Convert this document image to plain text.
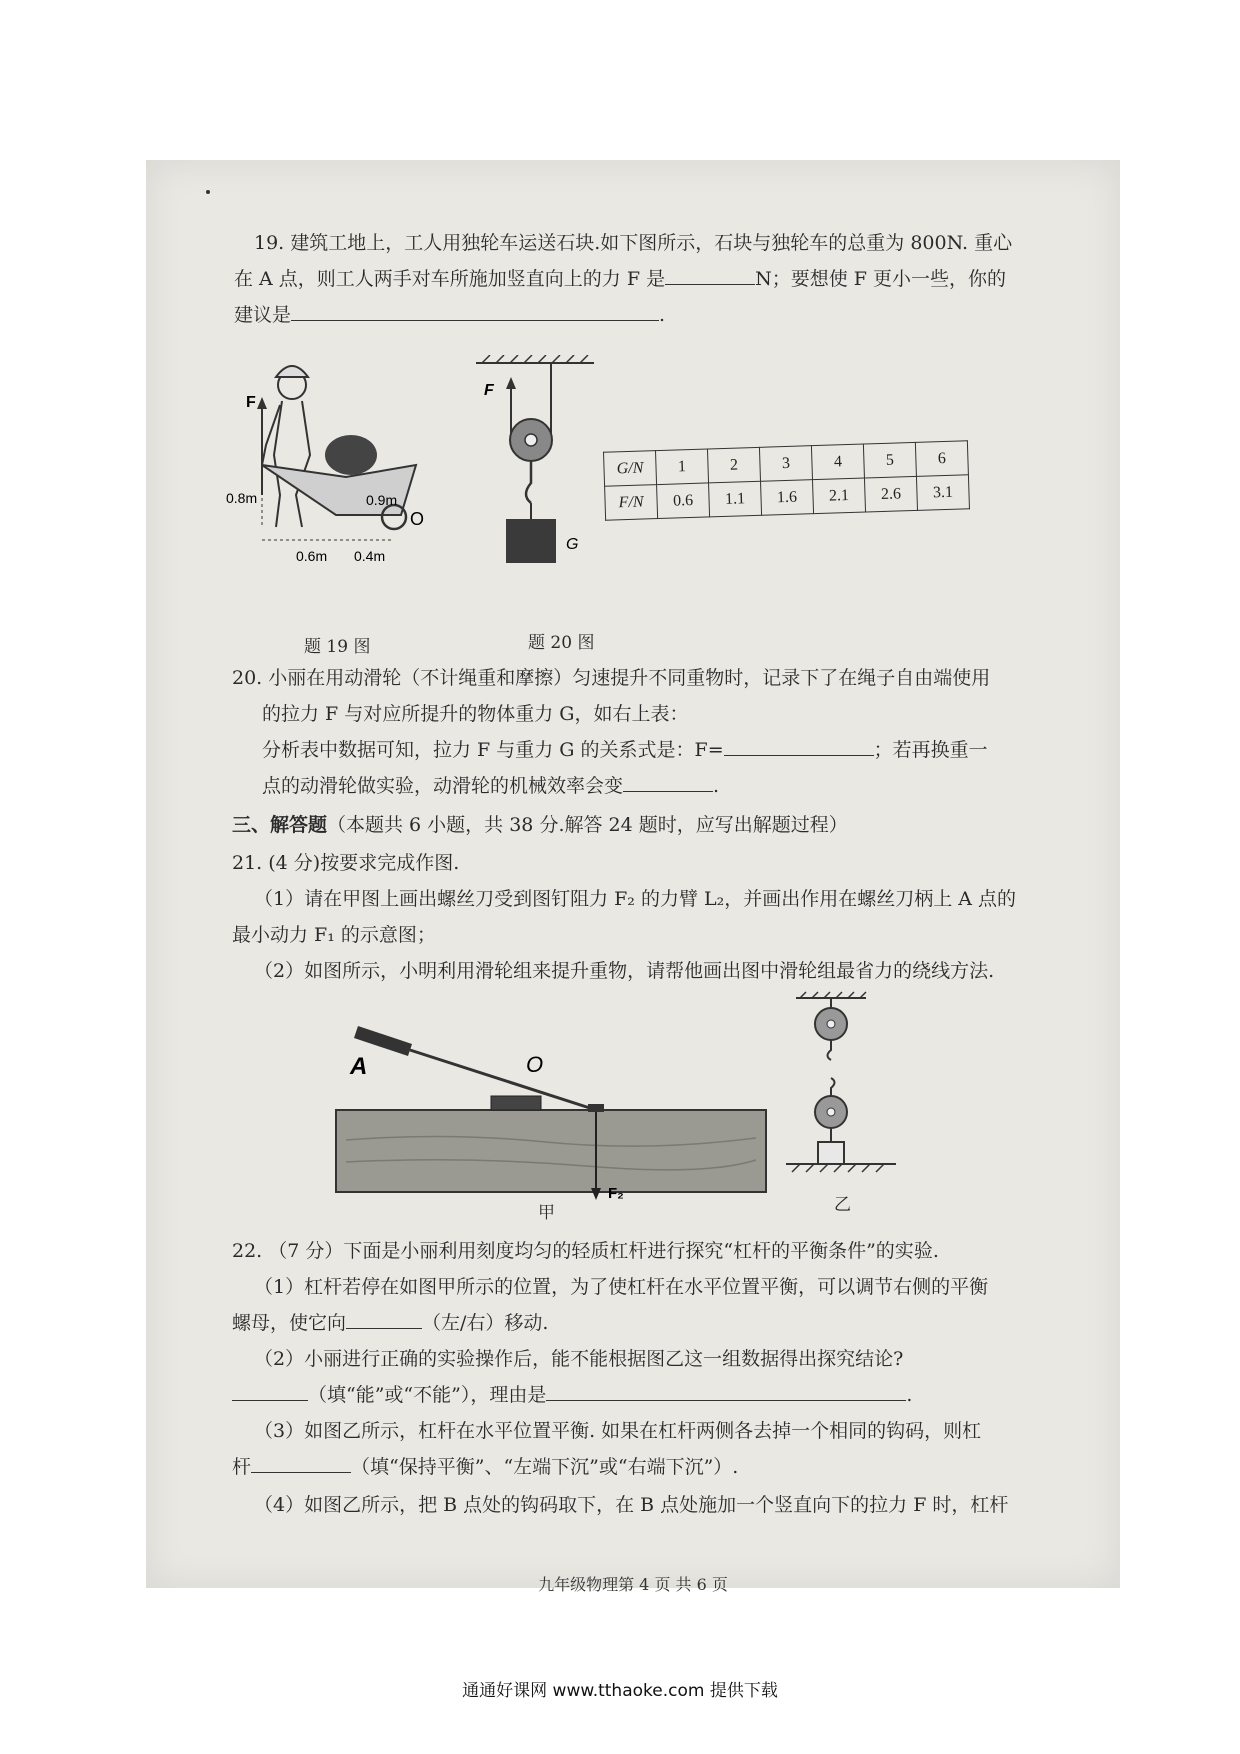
19. 建筑工地上，工人用独轮车运送石块.如下图所示，石块与独轮车的总重为 800N. 重心
在 A 点，则工人两手对车所施加竖直向上的力 F 是	N；要想使 F 更小一些，你的
建议是	.
F
O
0.8m	0.9m
0.6m 0.4m
题 19 图
F
G
题 20 图
G/N	1	2	3	4	5	6
F/N	0.6	1.1	1.6	2.1	2.6	3.1
20. 小丽在用动滑轮（不计绳重和摩擦）匀速提升不同重物时，记录下了在绳子自由端使用
的拉力 F 与对应所提升的物体重力 G，如右上表：
分析表中数据可知，拉力 F 与重力 G 的关系式是：F=	；若再换重一
点的动滑轮做实验，动滑轮的机械效率会变	.
三、解答题（本题共 6 小题，共 38 分.解答 24 题时，应写出解题过程）
21. (4 分)按要求完成作图.
（1）请在甲图上画出螺丝刀受到图钉阻力 F₂ 的力臂 L₂，并画出作用在螺丝刀柄上 A 点的
最小动力 F₁ 的示意图；
（2）如图所示，小明利用滑轮组来提升重物，请帮他画出图中滑轮组最省力的绕线方法.
F₂
A	O
甲	乙
22. （7 分）下面是小丽利用刻度均匀的轻质杠杆进行探究“杠杆的平衡条件”的实验.
（1）杠杆若停在如图甲所示的位置，为了使杠杆在水平位置平衡，可以调节右侧的平衡
螺母，使它向	（左/右）移动.
（2）小丽进行正确的实验操作后，能不能根据图乙这一组数据得出探究结论?
（填“能”或“不能”），理由是	.
（3）如图乙所示，杠杆在水平位置平衡. 如果在杠杆两侧各去掉一个相同的钩码，则杠
杆	（填“保持平衡”、“左端下沉”或“右端下沉”）.
（4）如图乙所示，把 B 点处的钩码取下，在 B 点处施加一个竖直向下的拉力 F 时，杠杆
九年级物理第 4 页 共 6 页
通通好课网 www.tthaoke.com 提供下载
